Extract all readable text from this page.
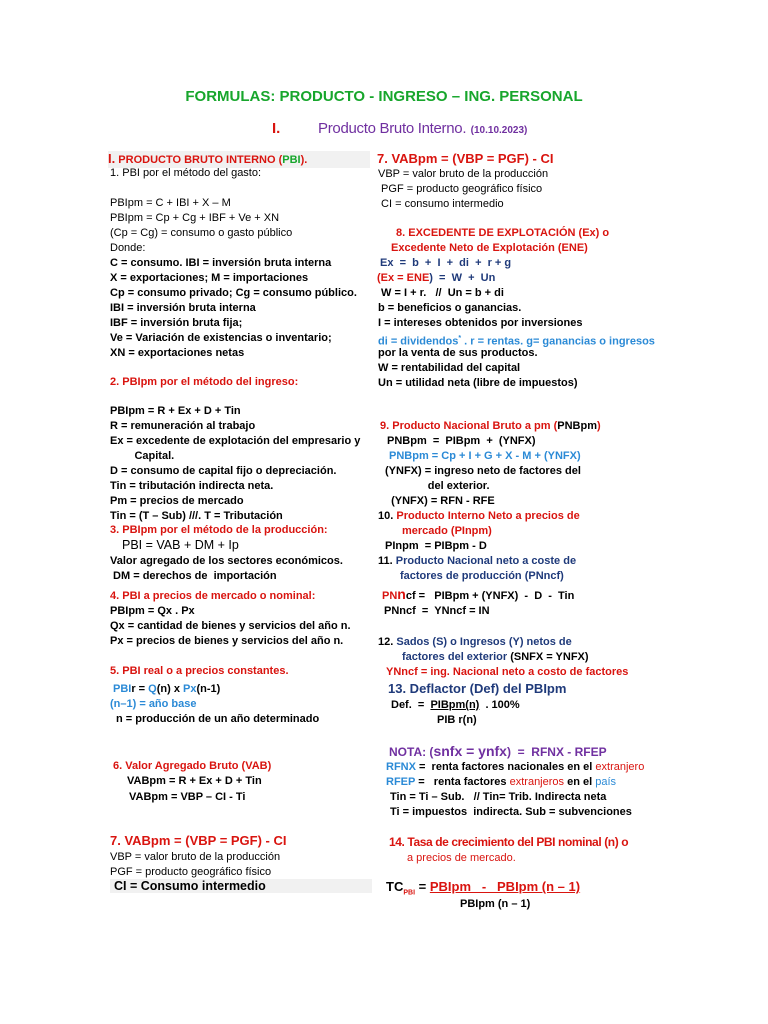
FORMULAS: PRODUCTO - INGRESO – ING. PERSONAL
I.	Producto Bruto Interno. (10.10.2023)
I. PRODUCTO BRUTO INTERNO (PBI).
1. PBI por el método del gasto:
PBIpm = C + IBI + X – M
PBIpm = Cp + Cg + IBF + Ve + XN
(Cp = Cg) = consumo o gasto público
Donde:
C = consumo. IBI = inversión bruta interna
X = exportaciones; M = importaciones
Cp = consumo privado; Cg = consumo público.
IBI = inversión bruta interna
IBF = inversión bruta fija;
Ve = Variación de existencias o inventario;
XN = exportaciones netas
2. PBIpm por el método del ingreso:
PBIpm = R + Ex + D + Tin
R = remuneración al trabajo
Ex = excedente de explotación del empresario y
Capital.
D = consumo de capital fijo o depreciación.
Tin = tributación indirecta neta.
Pm = precios de mercado
Tin = (T – Sub) ///. T = Tributación
3. PBIpm por el método de la producción:
PBI = VAB + DM + Ip
Valor agregado de los sectores económicos.
DM = derechos de  importación
4. PBI a precios de mercado o nominal:
PBIpm = Qx . Px
Qx = cantidad de bienes y servicios del año n.
Px = precios de bienes y servicios del año n.
5. PBI real o a precios constantes.
PBIr = Q(n) x Px(n-1)
(n–1) = año base
n = producción de un año determinado
6. Valor Agregado Bruto (VAB)
VABpm = R + Ex + D + Tin
VABpm = VBP – CI - Ti
7. VABpm = (VBP = PGF) - CI
VBP = valor bruto de la producción
PGF = producto geográfico físico
CI = Consumo intermedio
7. VABpm = (VBP = PGF) - CI
VBP = valor bruto de la producción
PGF = producto geográfico físico
CI = consumo intermedio
8. EXCEDENTE DE EXPLOTACIÓN (Ex) o
Excedente Neto de Explotación (ENE)
Ex  =  b  +  I  +  di  +  r + g
(Ex = ENE)  =  W  +  Un
W = I + r.   //  Un = b + di
b = beneficios o ganancias.
I = intereses obtenidos por inversiones
di = dividendos* . r = rentas. g= ganancias o ingresos
por la venta de sus productos.
W = rentabilidad del capital
Un = utilidad neta (libre de impuestos)
9. Producto Nacional Bruto a pm (PNBpm)
PNBpm  =  PIBpm  +  (YNFX)
PNBpm = Cp + I + G + X - M + (YNFX)
(YNFX) = ingreso neto de factores del
del exterior.
(YNFX) = RFN - RFE
10. Producto Interno Neto a precios de
mercado (PInpm)
PInpm  = PIBpm - D
11. Producto Nacional neto a coste de
factores de producción (PNncf)
PNncf =   PIBpm + (YNFX)  -  D  -  Tin
PNncf  =  YNncf = IN
12. Sados (S) o Ingresos (Y) netos de
factores del exterior (SNFX = YNFX)
YNncf = ing. Nacional neto a costo de factores
13. Deflactor (Def) del PBIpm
Def.  =  PIBpm(n)  . 100%
PIB r(n)
NOTA: (snfx = ynfx)  =  RFNX - RFEP
RFNX =  renta factores nacionales en el extranjero
RFEP =   renta factores extranjeros en el país
Tin = Ti – Sub.   // Tin= Trib. Indirecta neta
Ti = impuestos  indirecta. Sub = subvenciones
14. Tasa de crecimiento del PBI nominal (n) o
a precios de mercado.
$TC_{PBI}$ = PBIpm   -   PBIpm (n – 1)
PBIpm (n – 1)
